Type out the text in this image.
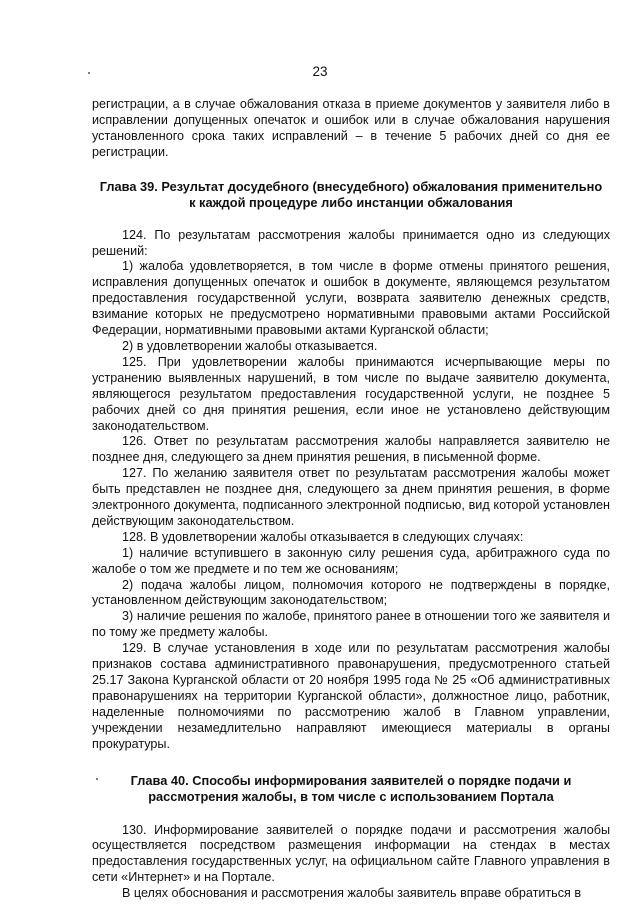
23

регистрации, а в случае обжалования отказа в приеме документов у заявителя либо в исправлении допущенных опечаток и ошибок или в случае обжалования нарушения установленного срока таких исправлений – в течение 5 рабочих дней со дня ее регистрации.

Глава 39. Результат досудебного (внесудебного) обжалования применительно к каждой процедуре либо инстанции обжалования

124. По результатам рассмотрения жалобы принимается одно из следующих решений:

1) жалоба удовлетворяется, в том числе в форме отмены принятого решения, исправления допущенных опечаток и ошибок в документе, являющемся результатом предоставления государственной услуги, возврата заявителю денежных средств, взимание которых не предусмотрено нормативными правовыми актами Российской Федерации, нормативными правовыми актами Курганской области;

2) в удовлетворении жалобы отказывается.

125. При удовлетворении жалобы принимаются исчерпывающие меры по устранению выявленных нарушений, в том числе по выдаче заявителю документа, являющегося результатом предоставления государственной услуги, не позднее 5 рабочих дней со дня принятия решения, если иное не установлено действующим законодательством.

126. Ответ по результатам рассмотрения жалобы направляется заявителю не позднее дня, следующего за днем принятия решения, в письменной форме.

127. По желанию заявителя ответ по результатам рассмотрения жалобы может быть представлен не позднее дня, следующего за днем принятия решения, в форме электронного документа, подписанного электронной подписью, вид которой установлен действующим законодательством.

128. В удовлетворении жалобы отказывается в следующих случаях:

1) наличие вступившего в законную силу решения суда, арбитражного суда по жалобе о том же предмете и по тем же основаниям;

2) подача жалобы лицом, полномочия которого не подтверждены в порядке, установленном действующим законодательством;

3) наличие решения по жалобе, принятого ранее в отношении того же заявителя и по тому же предмету жалобы.

129. В случае установления в ходе или по результатам рассмотрения жалобы признаков состава административного правонарушения, предусмотренного статьей 25.17 Закона Курганской области от 20 ноября 1995 года № 25 «Об административных правонарушениях на территории Курганской области», должностное лицо, работник, наделенные полномочиями по рассмотрению жалоб в Главном управлении, учреждении незамедлительно направляют имеющиеся материалы в органы прокуратуры.

Глава 40. Способы информирования заявителей о порядке подачи и рассмотрения жалобы, в том числе с использованием Портала

130. Информирование заявителей о порядке подачи и рассмотрения жалобы осуществляется посредством размещения информации на стендах в местах предоставления государственных услуг, на официальном сайте Главного управления в сети «Интернет» и на Портале.

В целях обоснования и рассмотрения жалобы заявитель вправе обратиться в
